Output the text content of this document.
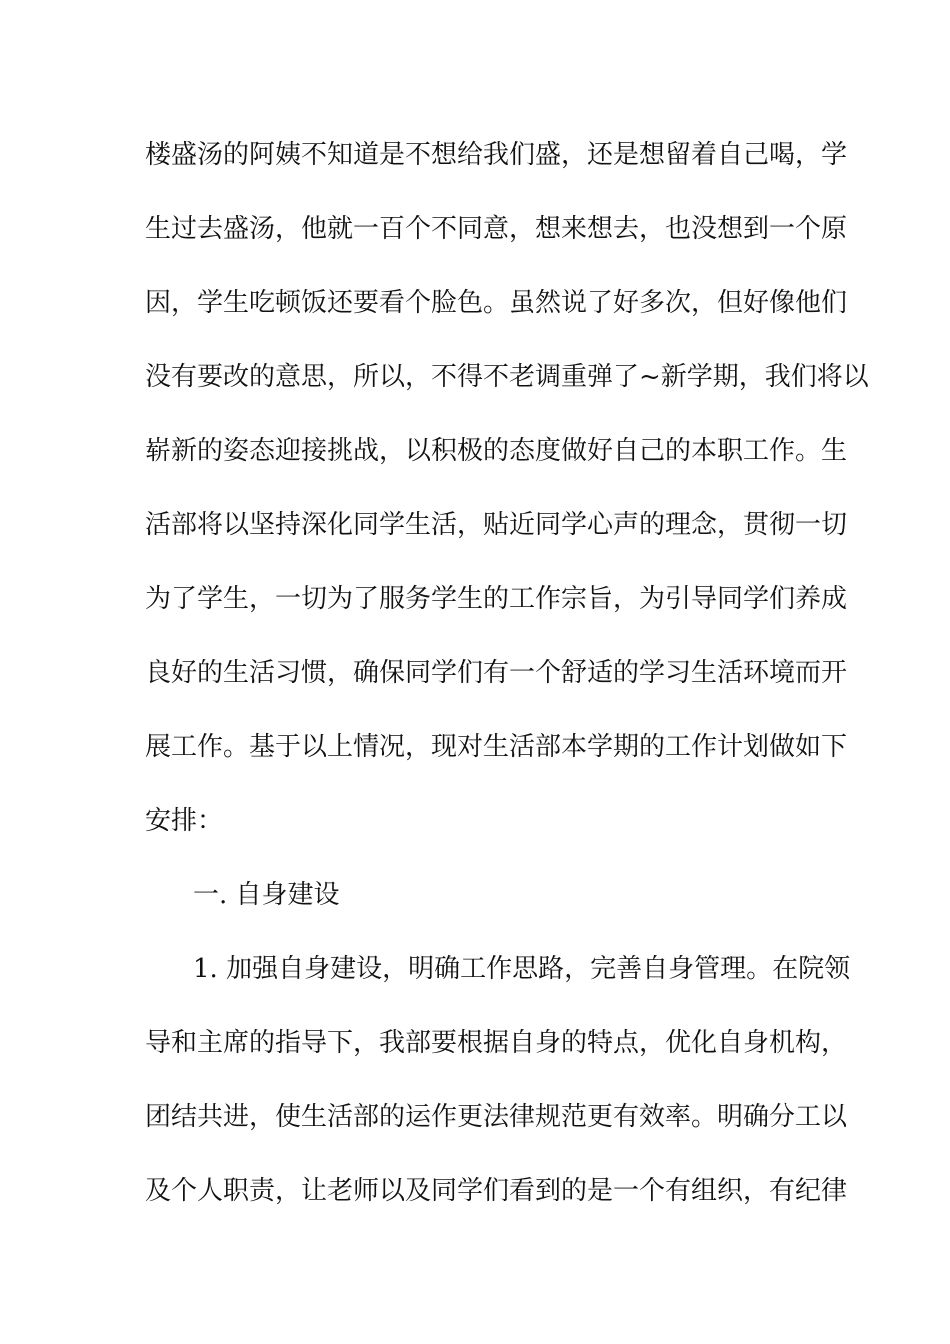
楼盛汤的阿姨不知道是不想给我们盛，还是想留着自己喝，学
生过去盛汤，他就一百个不同意，想来想去，也没想到一个原
因，学生吃顿饭还要看个脸色。虽然说了好多次，但好像他们
没有要改的意思，所以，不得不老调重弹了~新学期，我们将以
崭新的姿态迎接挑战，以积极的态度做好自己的本职工作。生
活部将以坚持深化同学生活，贴近同学心声的理念，贯彻一切
为了学生，一切为了服务学生的工作宗旨，为引导同学们养成
良好的生活习惯，确保同学们有一个舒适的学习生活环境而开
展工作。基于以上情况，现对生活部本学期的工作计划做如下
安排：
一. 自身建设
1. 加强自身建设，明确工作思路，完善自身管理。在院领
导和主席的指导下，我部要根据自身的特点，优化自身机构，
团结共进，使生活部的运作更法律规范更有效率。明确分工以
及个人职责，让老师以及同学们看到的是一个有组织，有纪律
